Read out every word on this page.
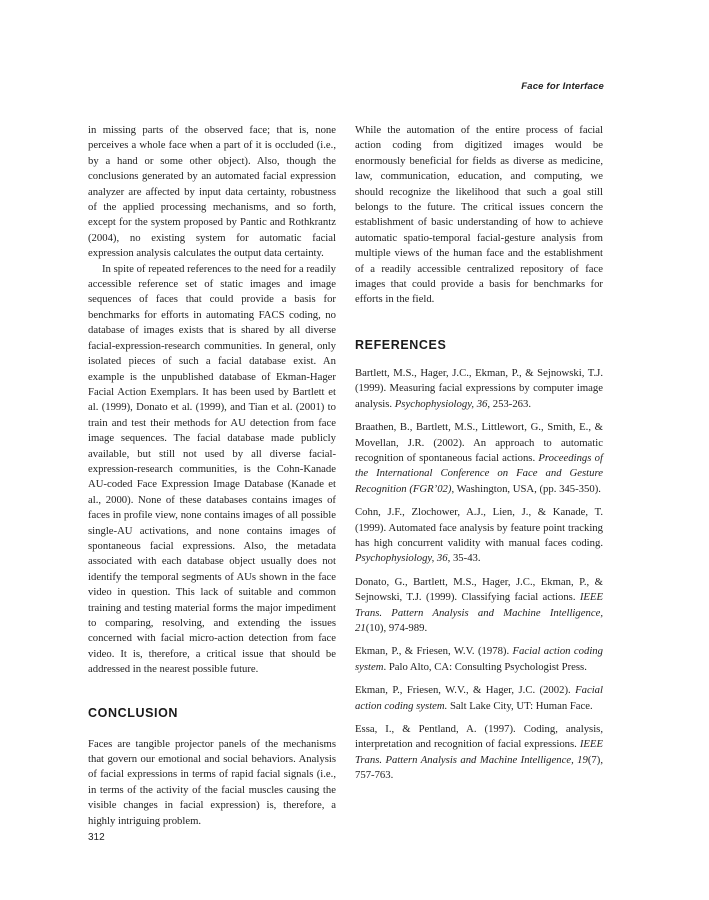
Face for Interface

in missing parts of the observed face; that is, none perceives a whole face when a part of it is occluded (i.e., by a hand or some other object). Also, though the conclusions generated by an automated facial expression analyzer are affected by input data certainty, robustness of the applied processing mechanisms, and so forth, except for the system proposed by Pantic and Rothkrantz (2004), no existing system for automatic facial expression analysis calculates the output data certainty.

In spite of repeated references to the need for a readily accessible reference set of static images and image sequences of faces that could provide a basis for benchmarks for efforts in automating FACS coding, no database of images exists that is shared by all diverse facial-expression-research communities. In general, only isolated pieces of such a facial database exist. An example is the unpublished database of Ekman-Hager Facial Action Exemplars. It has been used by Bartlett et al. (1999), Donato et al. (1999), and Tian et al. (2001) to train and test their methods for AU detection from face image sequences. The facial database made publicly available, but still not used by all diverse facial-expression-research communities, is the Cohn-Kanade AU-coded Face Expression Image Database (Kanade et al., 2000). None of these databases contains images of faces in profile view, none contains images of all possible single-AU activations, and none contains images of spontaneous facial expressions. Also, the metadata associated with each database object usually does not identify the temporal segments of AUs shown in the face video in question. This lack of suitable and common training and testing material forms the major impediment to comparing, resolving, and extending the issues concerned with facial micro-action detection from face video. It is, therefore, a critical issue that should be addressed in the nearest possible future.

CONCLUSION

Faces are tangible projector panels of the mechanisms that govern our emotional and social behaviors. Analysis of facial expressions in terms of rapid facial signals (i.e., in terms of the activity of the facial muscles causing the visible changes in facial expression) is, therefore, a highly intriguing problem.

While the automation of the entire process of facial action coding from digitized images would be enormously beneficial for fields as diverse as medicine, law, communication, education, and computing, we should recognize the likelihood that such a goal still belongs to the future. The critical issues concern the establishment of basic understanding of how to achieve automatic spatio-temporal facial-gesture analysis from multiple views of the human face and the establishment of a readily accessible centralized repository of face images that could provide a basis for benchmarks for efforts in the field.

REFERENCES

Bartlett, M.S., Hager, J.C., Ekman, P., & Sejnowski, T.J. (1999). Measuring facial expressions by computer image analysis. Psychophysiology, 36, 253-263.

Braathen, B., Bartlett, M.S., Littlewort, G., Smith, E., & Movellan, J.R. (2002). An approach to automatic recognition of spontaneous facial actions. Proceedings of the International Conference on Face and Gesture Recognition (FGR’02), Washington, USA, (pp. 345-350).

Cohn, J.F., Zlochower, A.J., Lien, J., & Kanade, T. (1999). Automated face analysis by feature point tracking has high concurrent validity with manual faces coding. Psychophysiology, 36, 35-43.

Donato, G., Bartlett, M.S., Hager, J.C., Ekman, P., & Sejnowski, T.J. (1999). Classifying facial actions. IEEE Trans. Pattern Analysis and Machine Intelligence, 21(10), 974-989.

Ekman, P., & Friesen, W.V. (1978). Facial action coding system. Palo Alto, CA: Consulting Psychologist Press.

Ekman, P., Friesen, W.V., & Hager, J.C. (2002). Facial action coding system. Salt Lake City, UT: Human Face.

Essa, I., & Pentland, A. (1997). Coding, analysis, interpretation and recognition of facial expressions. IEEE Trans. Pattern Analysis and Machine Intelligence, 19(7), 757-763.

312
